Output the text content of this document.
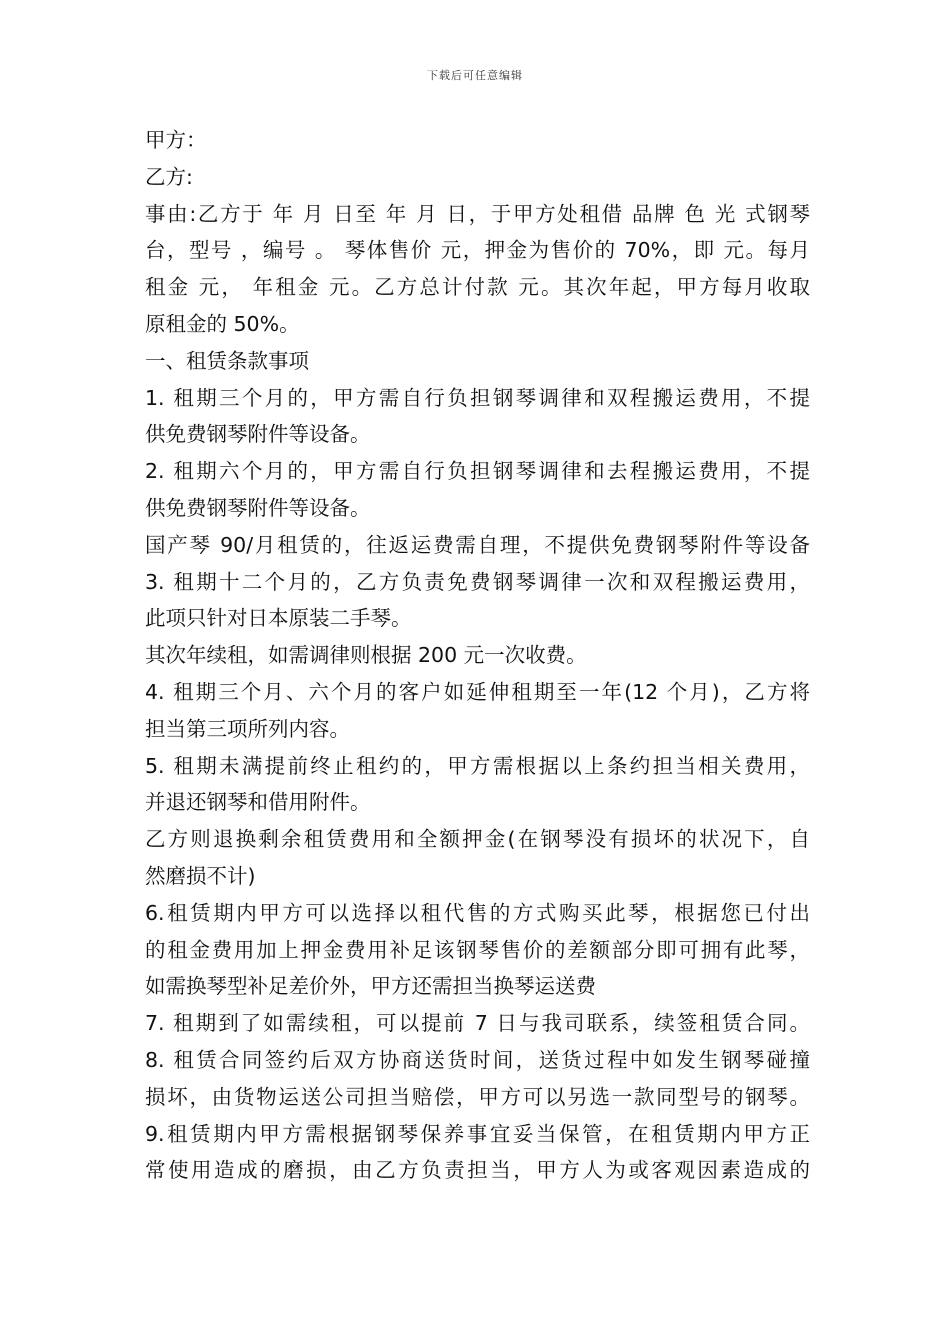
下载后可任意编辑
甲方：
乙方:
事由:乙方于 年 月 日至 年 月 日，于甲方处租借 品牌 色 光 式钢琴
台，型号 ，编号 。 琴体售价 元，押金为售价的 70%，即 元。每月
租金 元， 年租金 元。乙方总计付款 元。其次年起，甲方每月收取
原租金的 50%。
一、租赁条款事项
1. 租期三个月的，甲方需自行负担钢琴调律和双程搬运费用，不提
供免费钢琴附件等设备。
2. 租期六个月的，甲方需自行负担钢琴调律和去程搬运费用，不提
供免费钢琴附件等设备。
国产琴 90/月租赁的，往返运费需自理，不提供免费钢琴附件等设备
3. 租期十二个月的，乙方负责免费钢琴调律一次和双程搬运费用，
此项只针对日本原装二手琴。
其次年续租，如需调律则根据 200 元一次收费。
4. 租期三个月、六个月的客户如延伸租期至一年(12 个月)，乙方将
担当第三项所列内容。
5. 租期未满提前终止租约的，甲方需根据以上条约担当相关费用，
并退还钢琴和借用附件。
乙方则退换剩余租赁费用和全额押金(在钢琴没有损坏的状况下，自
然磨损不计)
6.租赁期内甲方可以选择以租代售的方式购买此琴，根据您已付出
的租金费用加上押金费用补足该钢琴售价的差额部分即可拥有此琴，
如需换琴型补足差价外，甲方还需担当换琴运送费
7. 租期到了如需续租，可以提前 7 日与我司联系，续签租赁合同。
8. 租赁合同签约后双方协商送货时间，送货过程中如发生钢琴碰撞
损坏，由货物运送公司担当赔偿，甲方可以另选一款同型号的钢琴。
9.租赁期内甲方需根据钢琴保养事宜妥当保管，在租赁期内甲方正
常使用造成的磨损，由乙方负责担当，甲方人为或客观因素造成的
